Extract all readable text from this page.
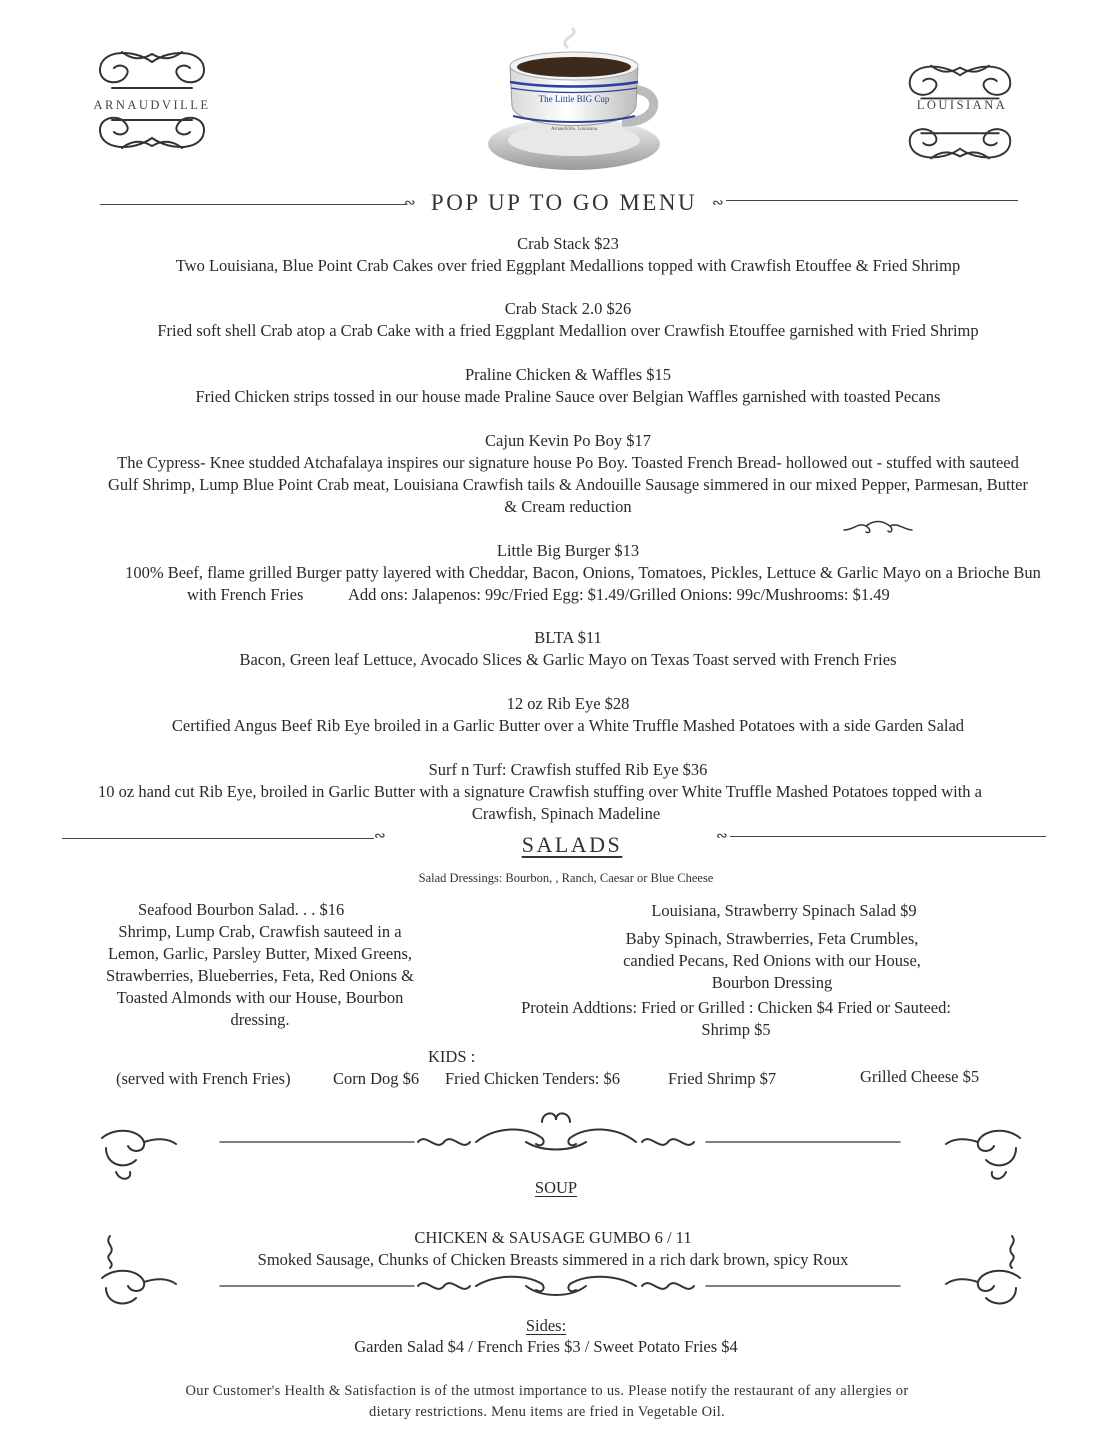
ARNAUDVILLE	LOUISIANA
The Little BIG Cup
Arnaudville, Louisiana
∾ POP UP TO GO MENU	∾
Crab Stack $23
Two Louisiana, Blue Point Crab Cakes over fried Eggplant Medallions topped with Crawfish Etouffee & Fried Shrimp
Crab Stack 2.0 $26
Fried soft shell Crab atop a Crab Cake with a fried Eggplant Medallion over Crawfish Etouffee garnished with Fried Shrimp
Praline Chicken & Waffles $15
Fried Chicken strips tossed in our house made Praline Sauce over Belgian Waffles garnished with toasted Pecans
Cajun Kevin Po Boy $17
The Cypress- Knee studded Atchafalaya inspires our signature house Po Boy. Toasted French Bread- hollowed out - stuffed with sauteed
Gulf Shrimp, Lump Blue Point Crab meat, Louisiana Crawfish tails & Andouille Sausage simmered in our mixed Pepper, Parmesan, Butter
& Cream reduction
Little Big Burger $13
100% Beef, flame grilled Burger patty layered with Cheddar, Bacon, Onions, Tomatoes, Pickles, Lettuce & Garlic Mayo on a Brioche Bun
with French Fries	Add ons: Jalapenos: 99c/Fried Egg: $1.49/Grilled Onions: 99c/Mushrooms: $1.49
BLTA $11
Bacon, Green leaf Lettuce, Avocado Slices & Garlic Mayo on Texas Toast served with French Fries
12 oz Rib Eye $28
Certified Angus Beef Rib Eye broiled in a Garlic Butter over a White Truffle Mashed Potatoes with a side Garden Salad
Surf n Turf: Crawfish stuffed Rib Eye $36
10 oz hand cut Rib Eye, broiled in Garlic Butter with a signature Crawfish stuffing over White Truffle Mashed Potatoes topped with a
Crawfish, Spinach Madeline
∾	SALADS	∾
Salad Dressings: Bourbon, , Ranch, Caesar or Blue Cheese
Seafood Bourbon Salad. . . $16
Shrimp, Lump Crab, Crawfish sauteed in a
Lemon, Garlic, Parsley Butter, Mixed Greens,
Strawberries, Blueberries, Feta, Red Onions &
Toasted Almonds with our House, Bourbon
dressing.
Louisiana, Strawberry Spinach Salad $9
Baby Spinach, Strawberries, Feta Crumbles,
candied Pecans, Red Onions with our House,
Bourbon Dressing
Protein Addtions: Fried or Grilled : Chicken $4 Fried or Sauteed:
Shrimp $5
KIDS :
(served with French Fries)	Corn Dog $6 Fried Chicken Tenders: $6	Fried Shrimp $7	Grilled Cheese $5
SOUP
CHICKEN & SAUSAGE GUMBO 6 / 11
Smoked Sausage, Chunks of Chicken Breasts simmered in a rich dark brown, spicy Roux
Sides:
Garden Salad $4 / French Fries $3 / Sweet Potato Fries $4
Our Customer's Health & Satisfaction is of the utmost importance to us. Please notify the restaurant of any allergies or
dietary restrictions. Menu items are fried in Vegetable Oil.
